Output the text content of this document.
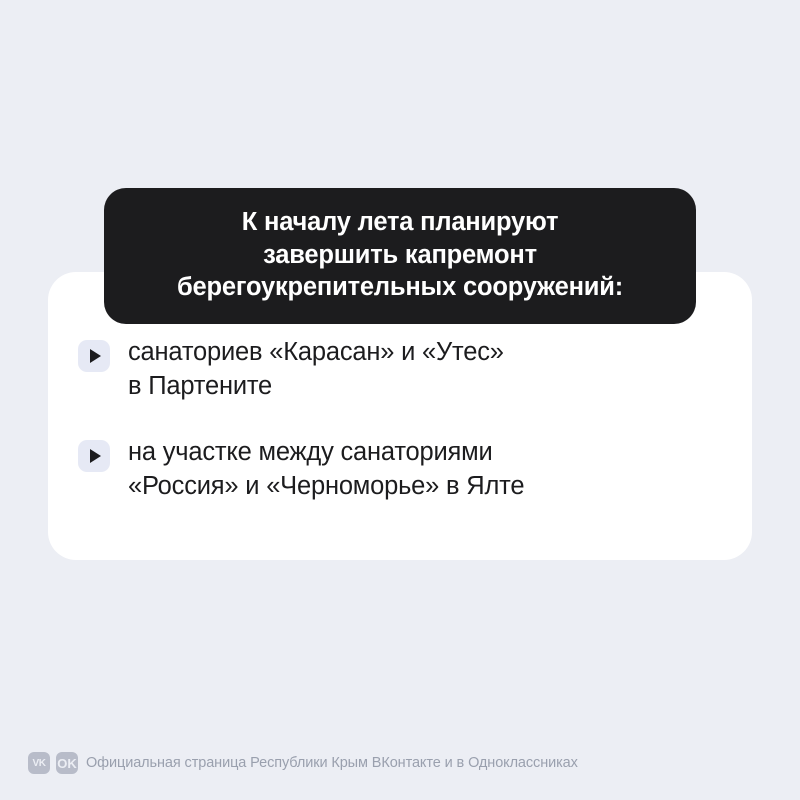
К началу лета планируют
завершить капремонт
берегоукрепительных сооружений:
санаториев «Карасан» и «Утес»
в Партените
на участке между санаториями
«Россия» и «Черноморье» в Ялте
VK OK Официальная страница Республики Крым ВКонтакте и в Одноклассниках
